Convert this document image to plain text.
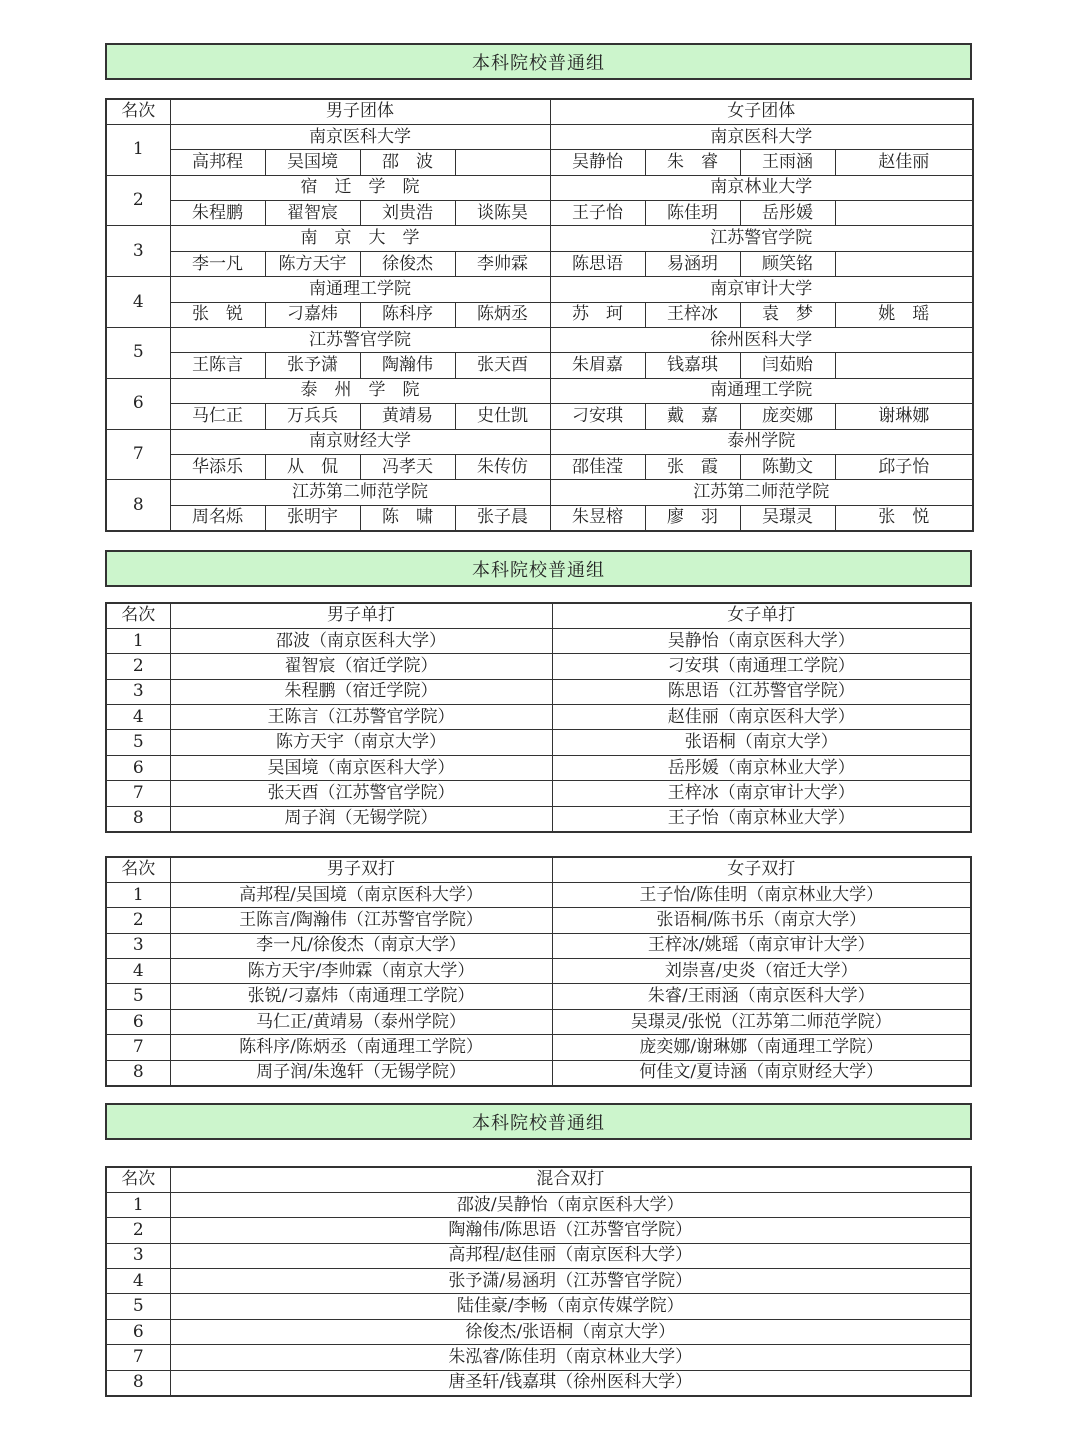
本科院校普通组
名次	男子团体				女子团体			
1	南京医科大学				南京医科大学			
	高邦程	吴国境	邵　波		吴静怡	朱　睿	王雨涵	赵佳丽
2	宿　迁　学　院				南京林业大学			
	朱程鹏	翟智宸	刘贵浩	谈陈昊	王子怡	陈佳玥	岳彤媛	
3	南　京　大　学				江苏警官学院			
	李一凡	陈方天宇	徐俊杰	李帅霖	陈思语	易涵玥	顾笑铭	
4	南通理工学院				南京审计大学			
	张　锐	刁嘉炜	陈科序	陈炳丞	苏　珂	王梓冰	袁　梦	姚　瑶
5	江苏警官学院				徐州医科大学			
	王陈言	张予潇	陶瀚伟	张天酉	朱眉嘉	钱嘉琪	闫茹贻	
6	泰　州　学　院				南通理工学院			
	马仁正	万兵兵	黄靖易	史仕凯	刁安琪	戴　嘉	庞奕娜	谢琳娜
7	南京财经大学				泰州学院			
	华添乐	从　侃	冯孝天	朱传仿	邵佳滢	张　霞	陈勤文	邱子怡
8	江苏第二师范学院				江苏第二师范学院			
	周名烁	张明宇	陈　啸	张子晨	朱昱榕	廖　羽	吴璟灵	张　悦
本科院校普通组
名次	男子单打	女子单打
1	邵波（南京医科大学）	吴静怡（南京医科大学）
2	翟智宸（宿迁学院）	刁安琪（南通理工学院）
3	朱程鹏（宿迁学院）	陈思语（江苏警官学院）
4	王陈言（江苏警官学院）	赵佳丽（南京医科大学）
5	陈方天宇（南京大学）	张语桐（南京大学）
6	吴国境（南京医科大学）	岳彤媛（南京林业大学）
7	张天酉（江苏警官学院）	王梓冰（南京审计大学）
8	周子润（无锡学院）	王子怡（南京林业大学）
名次	男子双打	女子双打
1	高邦程/吴国境（南京医科大学）	王子怡/陈佳明（南京林业大学）
2	王陈言/陶瀚伟（江苏警官学院）	张语桐/陈书乐（南京大学）
3	李一凡/徐俊杰（南京大学）	王梓冰/姚瑶（南京审计大学）
4	陈方天宇/李帅霖（南京大学）	刘崇喜/史炎（宿迁大学）
5	张锐/刁嘉炜（南通理工学院）	朱睿/王雨涵（南京医科大学）
6	马仁正/黄靖易（泰州学院）	吴璟灵/张悦（江苏第二师范学院）
7	陈科序/陈炳丞（南通理工学院）	庞奕娜/谢琳娜（南通理工学院）
8	周子润/朱逸轩（无锡学院）	何佳文/夏诗涵（南京财经大学）
本科院校普通组
名次	混合双打
1	邵波/吴静怡（南京医科大学）
2	陶瀚伟/陈思语（江苏警官学院）
3	高邦程/赵佳丽（南京医科大学）
4	张予潇/易涵玥（江苏警官学院）
5	陆佳豪/李畅（南京传媒学院）
6	徐俊杰/张语桐（南京大学）
7	朱泓睿/陈佳玥（南京林业大学）
8	唐圣轩/钱嘉琪（徐州医科大学）
